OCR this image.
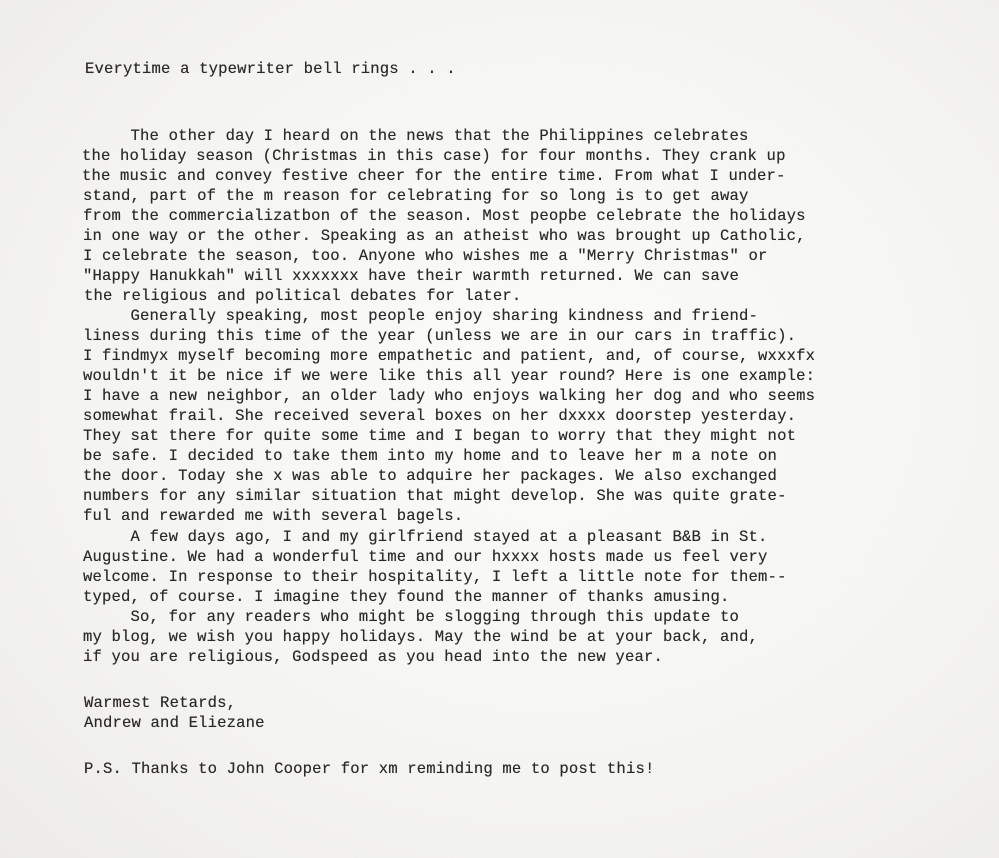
Everytime a typewriter bell rings . . .
The other day I heard on the news that the Philippines celebrates
the holiday season (Christmas in this case) for four months. They crank up
the music and convey festive cheer for the entire time. From what I under-
stand, part of the m reason for celebrating for so long is to get away
from the commercializatbon of the season. Most peopbe celebrate the holidays
in one way or the other. Speaking as an atheist who was brought up Catholic,
I celebrate the season, too. Anyone who wishes me a "Merry Christmas" or
"Happy Hanukkah" will xxxxxxx have their warmth returned. We can save
the religious and political debates for later.
Generally speaking, most people enjoy sharing kindness and friend-
liness during this time of the year (unless we are in our cars in traffic).
I findmyx myself becoming more empathetic and patient, and, of course, wxxxfx
wouldn't it be nice if we were like this all year round? Here is one example:
I have a new neighbor, an older lady who enjoys walking her dog and who seems
somewhat frail. She received several boxes on her dxxxx doorstep yesterday.
They sat there for quite some time and I began to worry that they might not
be safe. I decided to take them into my home and to leave her m a note on
the door. Today she x was able to adquire her packages. We also exchanged
numbers for any similar situation that might develop. She was quite grate-
ful and rewarded me with several bagels.
A few days ago, I and my girlfriend stayed at a pleasant B&B in St.
Augustine. We had a wonderful time and our hxxxx hosts made us feel very
welcome. In response to their hospitality, I left a little note for them--
typed, of course. I imagine they found the manner of thanks amusing.
So, for any readers who might be slogging through this update to
my blog, we wish you happy holidays. May the wind be at your back, and,
if you are religious, Godspeed as you head into the new year.
Warmest Retards,
Andrew and Eliezane
P.S. Thanks to John Cooper for xm reminding me to post this!
